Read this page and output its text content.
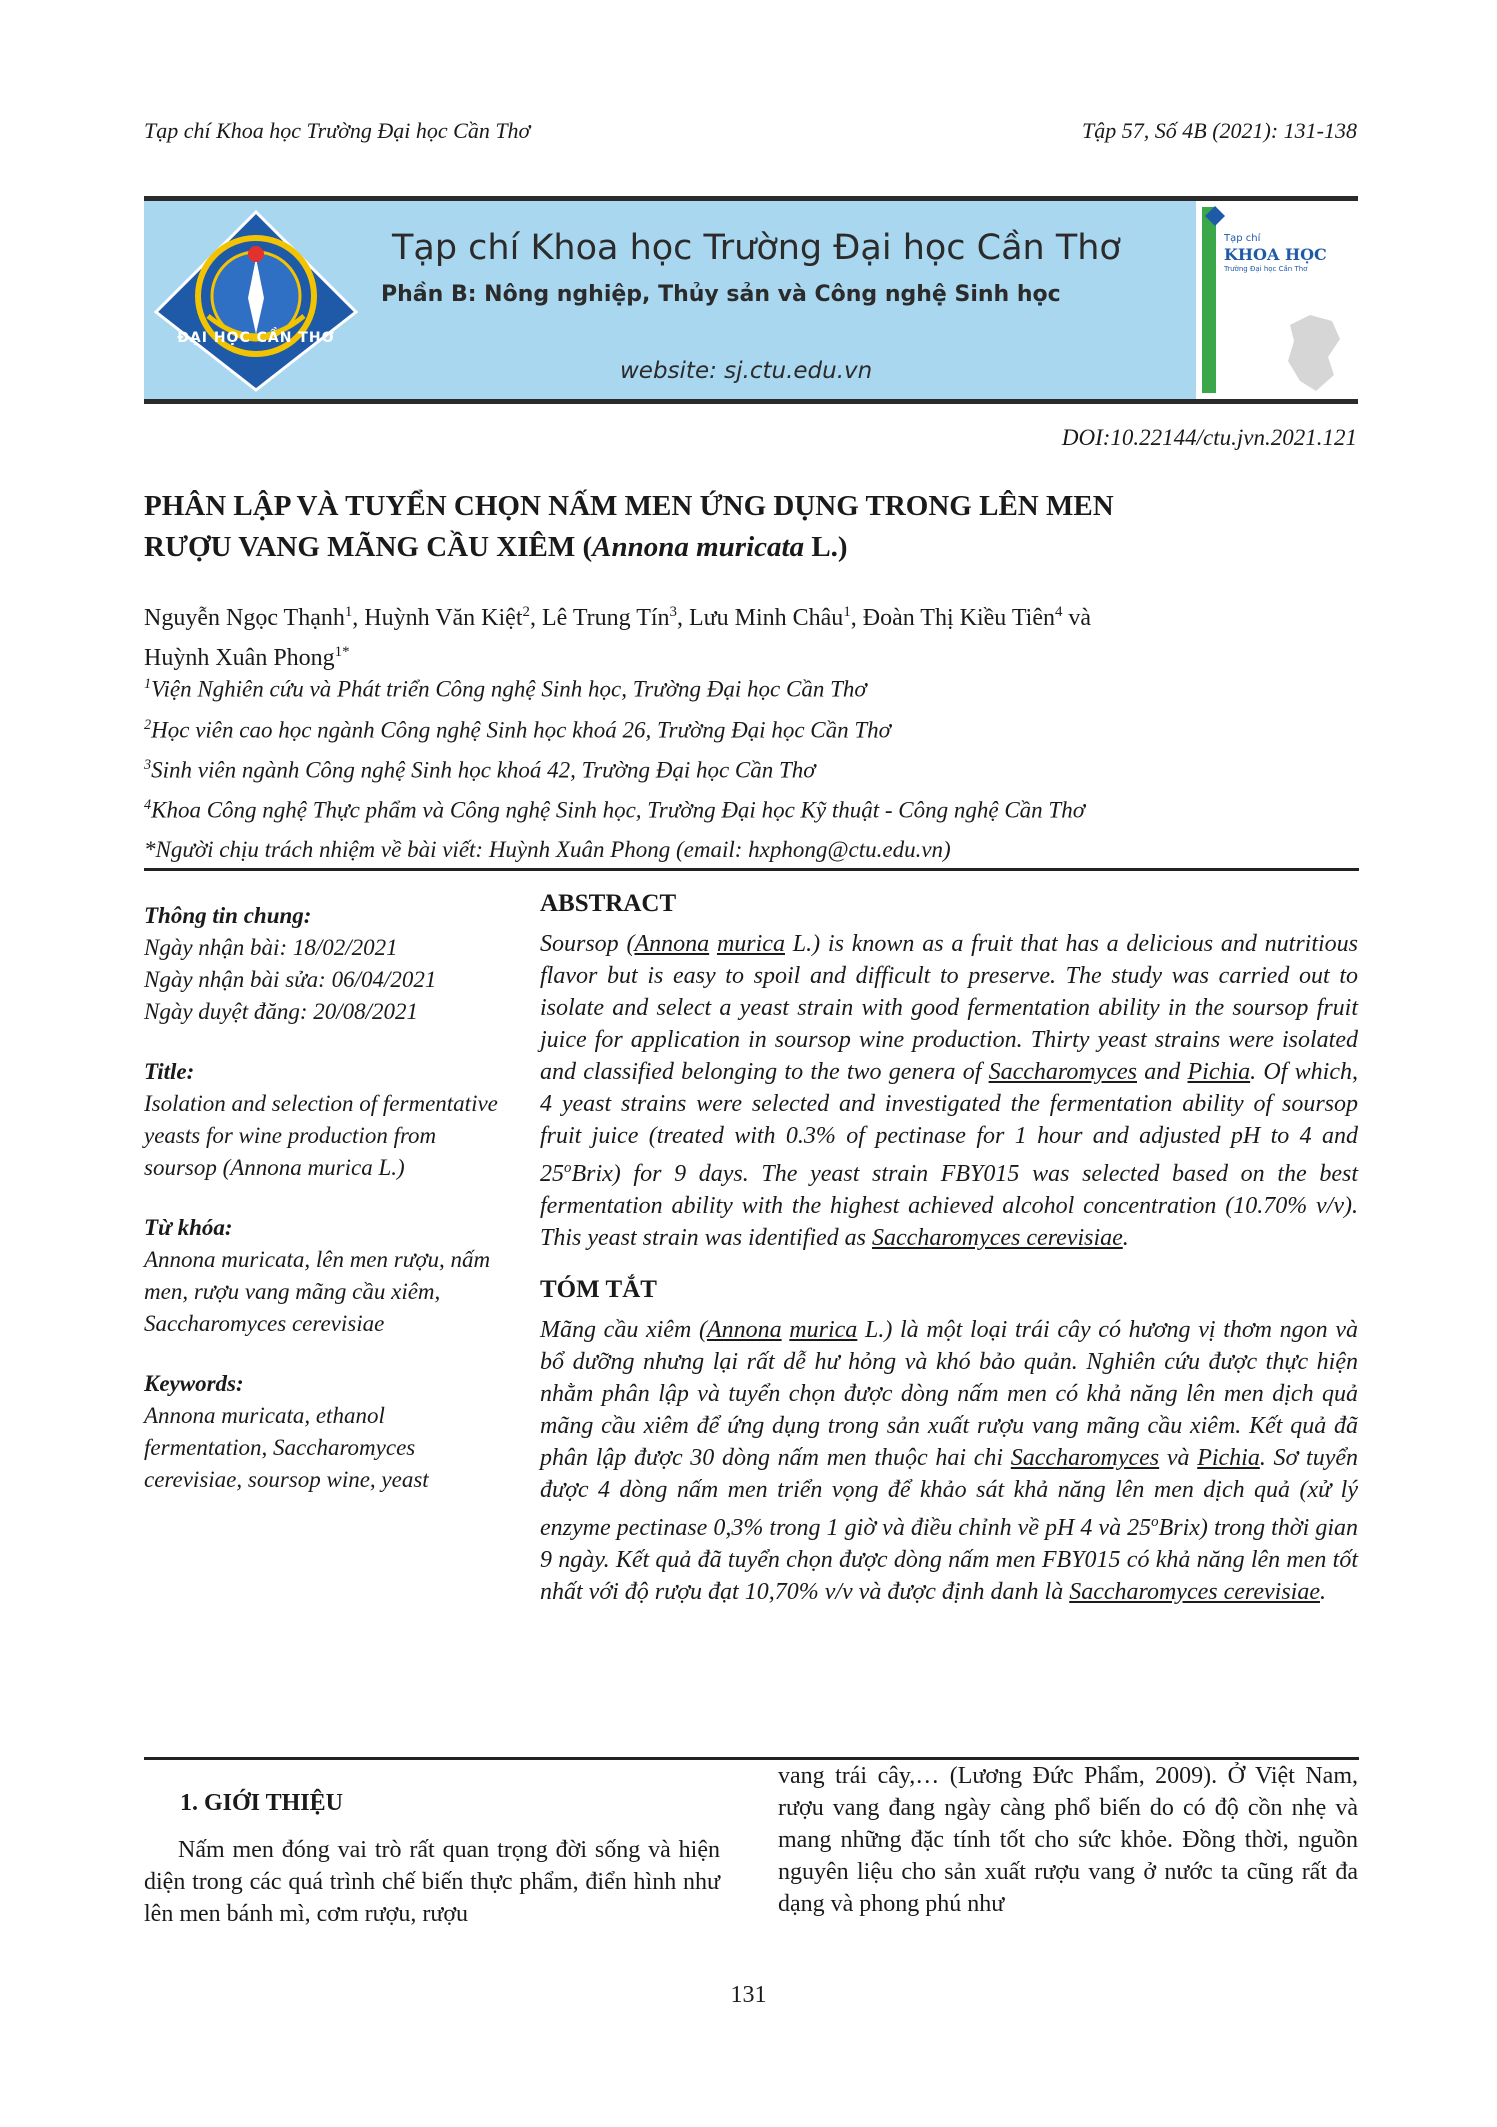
Tạp chí Khoa học Trường Đại học Cần Thơ	Tập 57, Số 4B (2021): 131-138
ĐẠI HỌC CẦN THƠ
Tạp chí Khoa học Trường Đại học Cần Thơ
Phần B: Nông nghiệp, Thủy sản và Công nghệ Sinh học
website: sj.ctu.edu.vn
Tạp chí
KHOA HỌC
Trường Đại học Cần Thơ
DOI:10.22144/ctu.jvn.2021.121
PHÂN LẬP VÀ TUYỂN CHỌN NẤM MEN ỨNG DỤNG TRONG LÊN MEN
RƯỢU VANG MÃNG CẦU XIÊM (Annona muricata L.)
Nguyễn Ngọc Thạnh$^1$, Huỳnh Văn Kiệt$^2$, Lê Trung Tín$^3$, Lưu Minh Châu$^1$, Đoàn Thị Kiều Tiên$^4$ và
Huỳnh Xuân Phong$^{1*}$
$^1$Viện Nghiên cứu và Phát triển Công nghệ Sinh học, Trường Đại học Cần Thơ
$^2$Học viên cao học ngành Công nghệ Sinh học khoá 26, Trường Đại học Cần Thơ
$^3$Sinh viên ngành Công nghệ Sinh học khoá 42, Trường Đại học Cần Thơ
$^4$Khoa Công nghệ Thực phẩm và Công nghệ Sinh học, Trường Đại học Kỹ thuật - Công nghệ Cần Thơ
*Người chịu trách nhiệm về bài viết: Huỳnh Xuân Phong (email: hxphong@ctu.edu.vn)
Thông tin chung:

Ngày nhận bài: 18/02/2021

Ngày nhận bài sửa: 06/04/2021

Ngày duyệt đăng: 20/08/2021

Title:

Isolation and selection of fermentative yeasts for wine production from soursop (Annona murica L.)

Từ khóa:

Annona muricata, lên men rượu, nấm men, rượu vang mãng cầu xiêm, Saccharomyces cerevisiae

Keywords:

Annona muricata, ethanol fermentation, Saccharomyces cerevisiae, soursop wine, yeast

ABSTRACT

Soursop (Annona murica L.) is known as a fruit that has a delicious and nutritious flavor but is easy to spoil and difficult to preserve. The study was carried out to isolate and select a yeast strain with good fermentation ability in the soursop fruit juice for application in soursop wine production. Thirty yeast strains were isolated and classified belonging to the two genera of Saccharomyces and Pichia. Of which, 4 yeast strains were selected and investigated the fermentation ability of soursop fruit juice (treated with 0.3% of pectinase for 1 hour and adjusted pH to 4 and 25$^o$Brix) for 9 days. The yeast strain FBY015 was selected based on the best fermentation ability with the highest achieved alcohol concentration (10.70% v/v). This yeast strain was identified as Saccharomyces cerevisiae.

TÓM TẮT

Mãng cầu xiêm (Annona murica L.) là một loại trái cây có hương vị thơm ngon và bổ dưỡng nhưng lại rất dễ hư hỏng và khó bảo quản. Nghiên cứu được thực hiện nhằm phân lập và tuyển chọn được dòng nấm men có khả năng lên men dịch quả mãng cầu xiêm để ứng dụng trong sản xuất rượu vang mãng cầu xiêm. Kết quả đã phân lập được 30 dòng nấm men thuộc hai chi Saccharomyces và Pichia. Sơ tuyển được 4 dòng nấm men triển vọng để khảo sát khả năng lên men dịch quả (xử lý enzyme pectinase 0,3% trong 1 giờ và điều chỉnh về pH 4 và 25$^o$Brix) trong thời gian 9 ngày. Kết quả đã tuyển chọn được dòng nấm men FBY015 có khả năng lên men tốt nhất với độ rượu đạt 10,70% v/v và được định danh là Saccharomyces cerevisiae.

1. GIỚI THIỆU
Nấm men đóng vai trò rất quan trọng đời sống và hiện diện trong các quá trình chế biến thực phẩm, điển hình như lên men bánh mì, cơm rượu, rượu
vang trái cây,… (Lương Đức Phẩm, 2009). Ở Việt Nam, rượu vang đang ngày càng phổ biến do có độ cồn nhẹ và mang những đặc tính tốt cho sức khỏe. Đồng thời, nguồn nguyên liệu cho sản xuất rượu vang ở nước ta cũng rất đa dạng và phong phú như
131
